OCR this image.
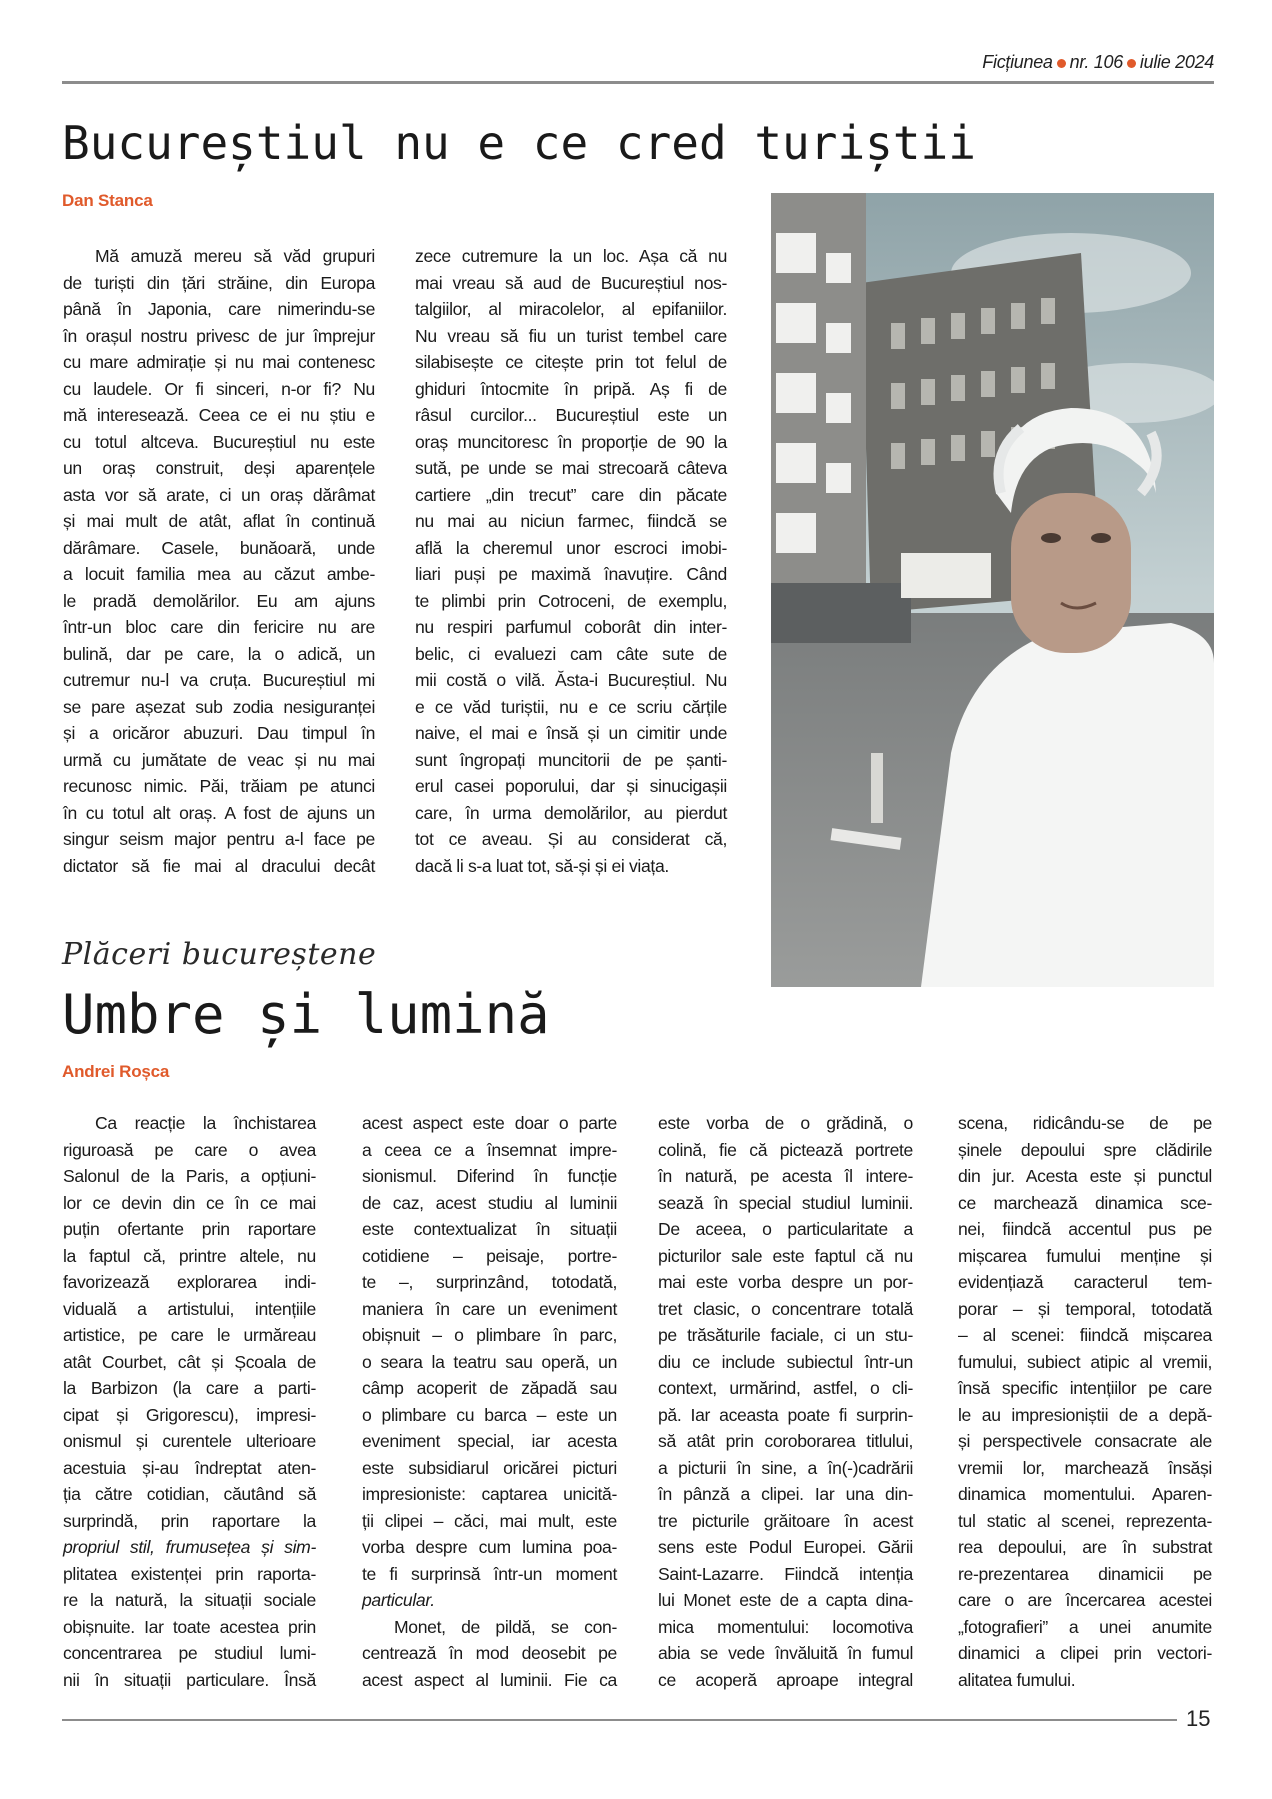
Ficțiunea nr. 106 iulie 2024
Bucureștiul nu e ce cred turiștii
Dan Stanca
Mă amuză mereu să văd grupuri
de turiști din țări străine, din Europa
până în Japonia, care nimerindu-se
în orașul nostru privesc de jur împrejur
cu mare admirație și nu mai contenesc
cu laudele. Or fi sinceri, n-or fi? Nu
mă interesează. Ceea ce ei nu știu e
cu totul altceva. Bucureștiul nu este
un oraș construit, deși aparențele
asta vor să arate, ci un oraș dărâmat
și mai mult de atât, aflat în continuă
dărâmare. Casele, bunăoară, unde
a locuit familia mea au căzut ambe-
le pradă demolărilor. Eu am ajuns
într-un bloc care din fericire nu are
bulină, dar pe care, la o adică, un
cutremur nu-l va cruța. Bucureștiul mi
se pare așezat sub zodia nesiguranței
și a oricăror abuzuri. Dau timpul în
urmă cu jumătate de veac și nu mai
recunosc nimic. Păi, trăiam pe atunci
în cu totul alt oraș. A fost de ajuns un
singur seism major pentru a-l face pe
dictator să fie mai al dracului decât
zece cutremure la un loc. Așa că nu
mai vreau să aud de Bucureștiul nos-
talgiilor, al miracolelor, al epifaniilor.
Nu vreau să fiu un turist tembel care
silabisește ce citește prin tot felul de
ghiduri întocmite în pripă. Aș fi de
râsul curcilor... Bucureștiul este un
oraș muncitoresc în proporție de 90 la
sută, pe unde se mai strecoară câteva
cartiere „din trecut” care din păcate
nu mai au niciun farmec, fiindcă se
află la cheremul unor escroci imobi-
liari puși pe maximă înavuțire. Când
te plimbi prin Cotroceni, de exemplu,
nu respiri parfumul coborât din inter-
belic, ci evaluezi cam câte sute de
mii costă o vilă. Ăsta-i Bucureștiul. Nu
e ce văd turiștii, nu e ce scriu cărțile
naive, el mai e însă și un cimitir unde
sunt îngropați muncitorii de pe șanti-
erul casei poporului, dar și sinucigașii
care, în urma demolărilor, au pierdut
tot ce aveau. Și au considerat că,
dacă li s-a luat tot, să-și și ei viața.
Plăceri bucureștene
Umbre și lumină
Andrei Roșca
Ca reacție la închistarea
riguroasă pe care o avea
Salonul de la Paris, a opțiuni-
lor ce devin din ce în ce mai
puțin ofertante prin raportare
la faptul că, printre altele, nu
favorizează explorarea indi-
viduală a artistului, intențiile
artistice, pe care le urmăreau
atât Courbet, cât și Școala de
la Barbizon (la care a parti-
cipat și Grigorescu), impresi-
onismul și curentele ulterioare
acestuia și-au îndreptat aten-
ția către cotidian, căutând să
surprindă, prin raportare la
propriul stil, frumusețea și sim-
plitatea existenței prin raporta-
re la natură, la situații sociale
obișnuite. Iar toate acestea prin
concentrarea pe studiul lumi-
nii în situații particulare. Însă
acest aspect este doar o parte
a ceea ce a însemnat impre-
sionismul. Diferind în funcție
de caz, acest studiu al luminii
este contextualizat în situații
cotidiene – peisaje, portre-
te –, surprinzând, totodată,
maniera în care un eveniment
obișnuit – o plimbare în parc,
o seara la teatru sau operă, un
câmp acoperit de zăpadă sau
o plimbare cu barca – este un
eveniment special, iar acesta
este subsidiarul oricărei picturi
impresioniste: captarea unicită-
ții clipei – căci, mai mult, este
vorba despre cum lumina poa-
te fi surprinsă într-un moment
particular.
Monet, de pildă, se con-
centrează în mod deosebit pe
acest aspect al luminii. Fie ca
este vorba de o grădină, o
colină, fie că pictează portrete
în natură, pe acesta îl intere-
sează în special studiul luminii.
De aceea, o particularitate a
picturilor sale este faptul că nu
mai este vorba despre un por-
tret clasic, o concentrare totală
pe trăsăturile faciale, ci un stu-
diu ce include subiectul într-un
context, urmărind, astfel, o cli-
pă. Iar aceasta poate fi surprin-
să atât prin coroborarea titlului,
a picturii în sine, a în(-)cadrării
în pânză a clipei. Iar una din-
tre picturile grăitoare în acest
sens este Podul Europei. Gării
Saint-Lazarre. Fiindcă intenția
lui Monet este de a capta dina-
mica momentului: locomotiva
abia se vede învăluită în fumul
ce acoperă aproape integral
scena, ridicându-se de pe
șinele depoului spre clădirile
din jur. Acesta este și punctul
ce marchează dinamica sce-
nei, fiindcă accentul pus pe
mișcarea fumului menține și
evidențiază caracterul tem-
porar – și temporal, totodată
– al scenei: fiindcă mișcarea
fumului, subiect atipic al vremii,
însă specific intențiilor pe care
le au impresioniștii de a depă-
și perspectivele consacrate ale
vremii lor, marchează însăși
dinamica momentului. Aparen-
tul static al scenei, reprezenta-
rea depoului, are în substrat
re-prezentarea dinamicii pe
care o are încercarea acestei
„fotografieri” a unei anumite
dinamici a clipei prin vectori-
alitatea fumului.
15
